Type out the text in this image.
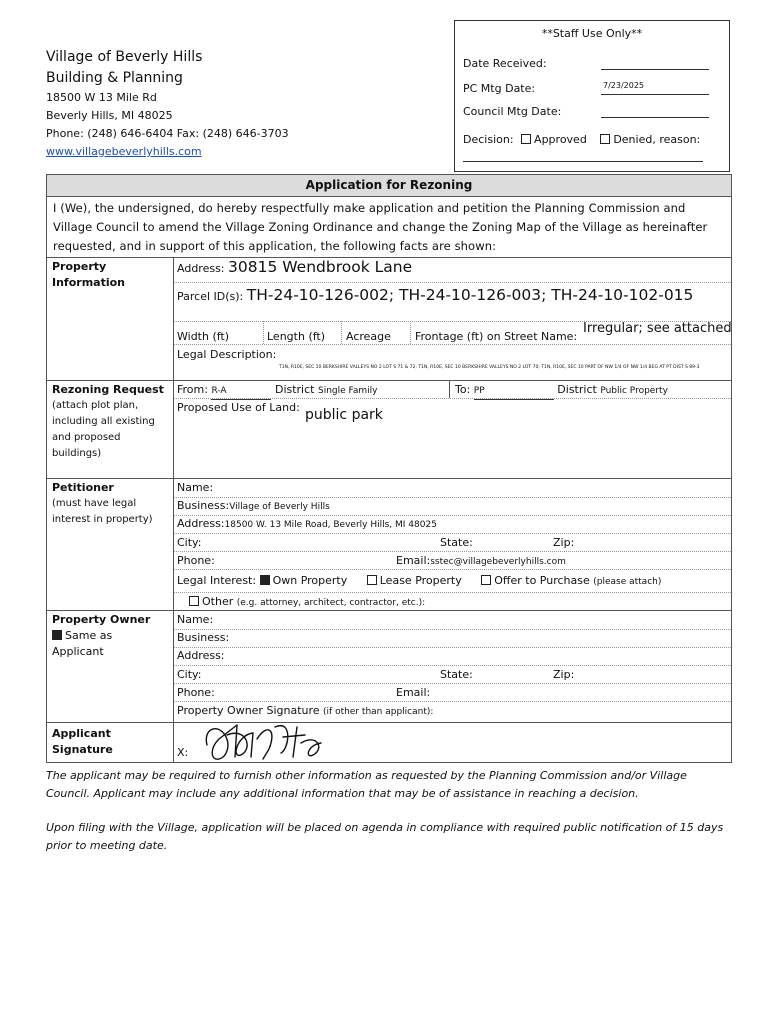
Village of Beverly Hills
Building & Planning
18500 W 13 Mile Rd
Beverly Hills, MI 48025
Phone: (248) 646-6404 Fax: (248) 646-3703
www.villagebeverlyhills.com
**Staff Use Only**
Date Received:
PC Mtg Date:	7/23/2025
Council Mtg Date:
Decision: Approved Denied, reason:
Application for Rezoning
I (We), the undersigned, do hereby respectfully make application and petition the Planning Commission and Village Council to amend the Village Zoning Ordinance and change the Zoning Map of the Village as hereinafter requested, and in support of this application, the following facts are shown:
Property Information
Address: 30815 Wendbrook Lane
Parcel ID(s): TH-24-10-126-002; TH-24-10-126-003; TH-24-10-102-015
Width (ft)	Length (ft) Acreage Frontage (ft) on Street Name:
Irregular; see attached
Legal Description:
T1N, R10E, SEC 10 BERKSHIRE VALLEYS NO 2 LOT S 71 & 72; T1N, R10E, SEC 10 BERKSHIRE VALLEYS NO 2 LOT 70; T1N, R10E, SEC 10 PART OF NW 1/4 OF NW 1/4 BEG AT PT DIST S 89-3
Rezoning Request
(attach plot plan, including all existing and proposed buildings)
From: R-A	District Single Family	To: PP	District Public Property
Proposed Use of Land: public park
Petitioner
(must have legal interest in property)
Name:
Business:Village of Beverly Hills
Address:18500 W. 13 Mile Road, Beverly Hills, MI 48025
City:	State:	Zip:
Phone:	Email:sstec@villagebeverlyhills.com
Legal Interest: Own Property	Lease Property	Offer to Purchase (please attach)
Other (e.g. attorney, architect, contractor, etc.):
Property Owner
Same as Applicant
Name:
Business:
Address:
City:	State:	Zip:
Phone:	Email:
Property Owner Signature (if other than applicant):
Applicant Signature	X:
The applicant may be required to furnish other information as requested by the Planning Commission and/or Village Council. Applicant may include any additional information that may be of assistance in reaching a decision.
Upon filing with the Village, application will be placed on agenda in compliance with required public notification of 15 days prior to meeting date.
